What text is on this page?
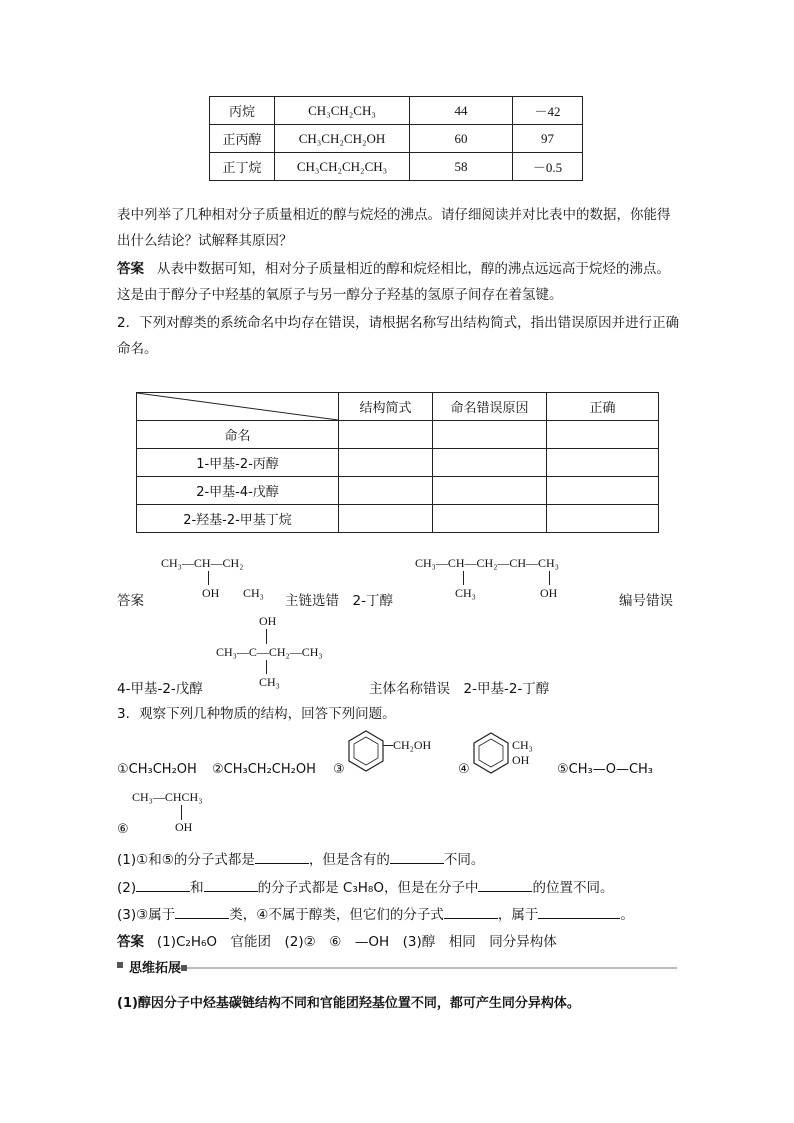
丙烷	CH₃CH₂CH₃	44	－42
正丙醇	CH₃CH₂CH₂OH	60	97
正丁烷	CH₃CH₂CH₂CH₃	58	－0.5
表中列举了几种相对分子质量相近的醇与烷烃的沸点。请仔细阅读并对比表中的数据，你能得出什么结论？试解释其原因？
答案 从表中数据可知，相对分子质量相近的醇和烷烃相比，醇的沸点远远高于烷烃的沸点。这是由于醇分子中羟基的氧原子与另一醇分子羟基的氢原子间存在着氢键。
2．下列对醇类的系统命名中均存在错误，请根据名称写出结构简式，指出错误原因并进行正确命名。
	结构简式	命名错误原因	正确
命名			
1-甲基-2-丙醇			
2-甲基-4-戊醇			
2-羟基-2-甲基丁烷			
答案
CH₃—CH—CH₂
OH CH₃ 主链选错　2-丁醇
CH₃—CH—CH₂—CH—CH₃
CH₃	OH	编号错误
4-甲基-2-戊醇
OH
CH₃—C—CH₂—CH₃
CH₃	主体名称错误　2-甲基-2-丁醇
3．观察下列几种物质的结构，回答下列问题。
①CH₃CH₂OH ②CH₃CH₂CH₂OH ③
CH₂OH
④
CH₃
OH
⑤CH₃—O—CH₃
CH₃—CHCH₃
OH
⑥
(1)①和⑤的分子式都是	，但是含有的	不同。
(2)	和	的分子式都是 C₃H₈O，但是在分子中	的位置不同。
(3)③属于	类，④不属于醇类，但它们的分子式	，属于	。
答案 (1)C₂H₆O　官能团　(2)②　⑥　—OH　(3)醇　相同　同分异构体
思维拓展
(1)醇因分子中烃基碳链结构不同和官能团羟基位置不同，都可产生同分异构体。
